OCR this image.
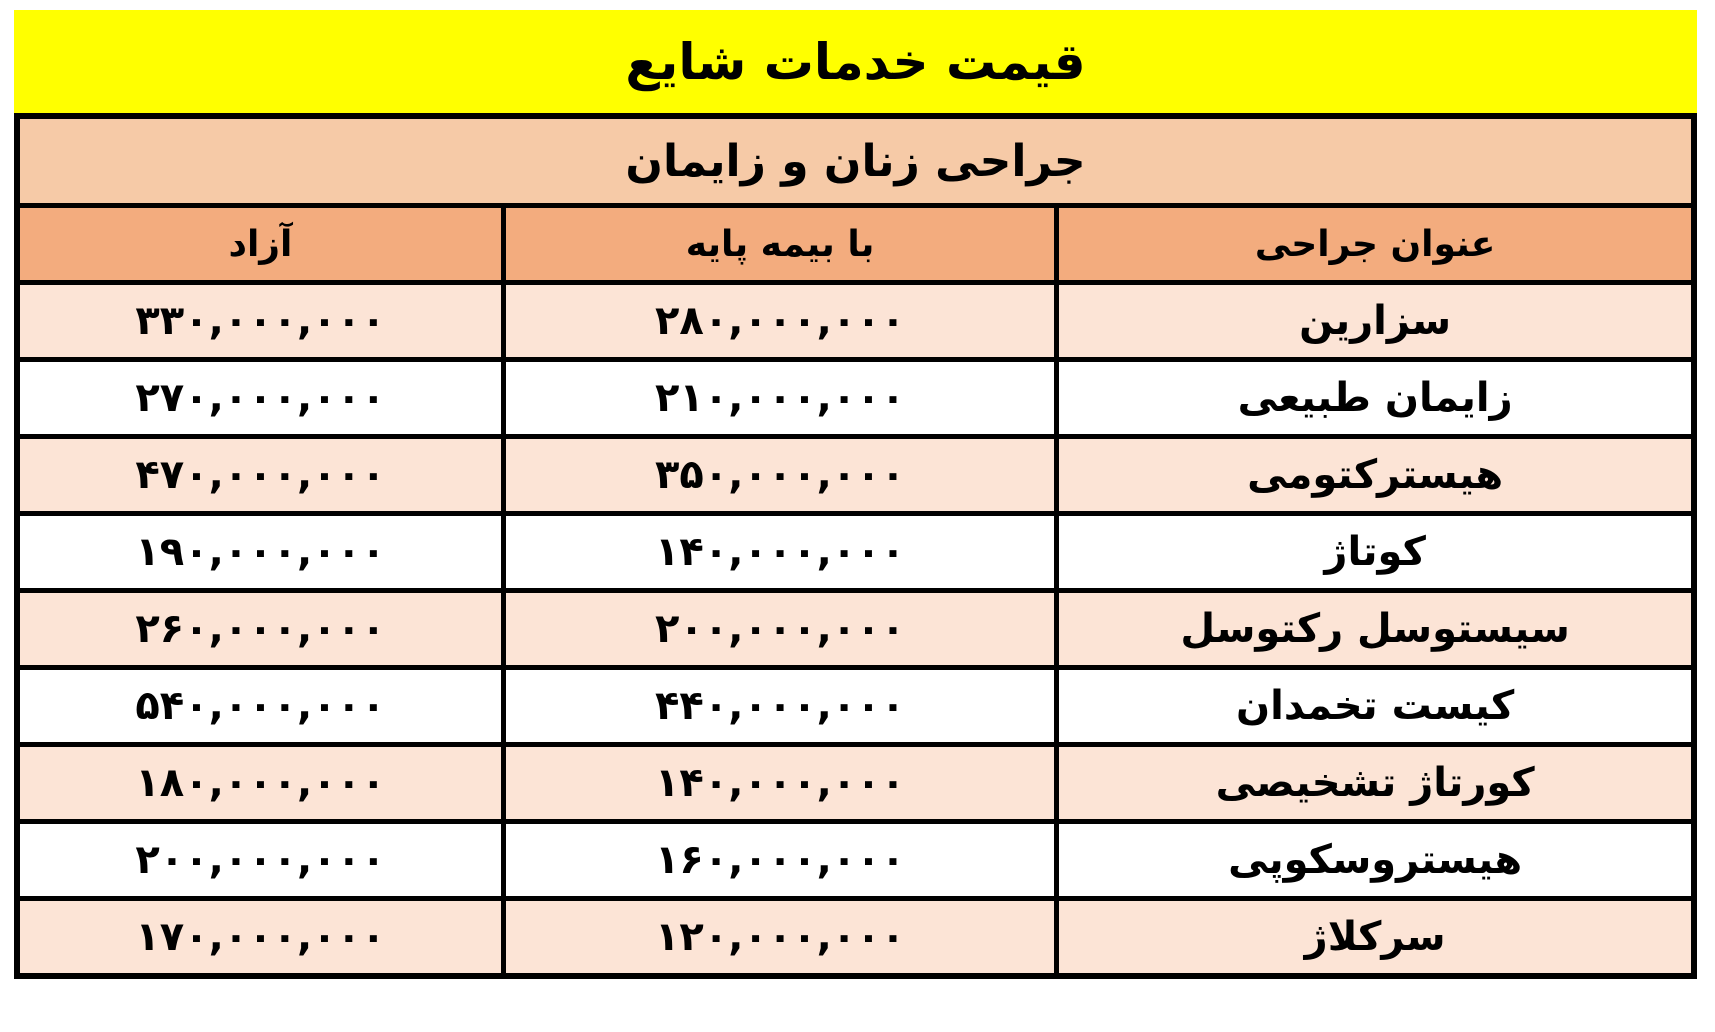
قیمت خدمات شایع
جراحی زنان و زایمان		
عنوان جراحی	با بیمه پایه	آزاد
سزارین	۲۸۰,۰۰۰,۰۰۰	۳۳۰,۰۰۰,۰۰۰
زایمان طبیعی	۲۱۰,۰۰۰,۰۰۰	۲۷۰,۰۰۰,۰۰۰
هیسترکتومی	۳۵۰,۰۰۰,۰۰۰	۴۷۰,۰۰۰,۰۰۰
کوتاژ	۱۴۰,۰۰۰,۰۰۰	۱۹۰,۰۰۰,۰۰۰
سیستوسل رکتوسل	۲۰۰,۰۰۰,۰۰۰	۲۶۰,۰۰۰,۰۰۰
کیست تخمدان	۴۴۰,۰۰۰,۰۰۰	۵۴۰,۰۰۰,۰۰۰
کورتاژ تشخیصی	۱۴۰,۰۰۰,۰۰۰	۱۸۰,۰۰۰,۰۰۰
هیستروسکوپی	۱۶۰,۰۰۰,۰۰۰	۲۰۰,۰۰۰,۰۰۰
سرکلاژ	۱۲۰,۰۰۰,۰۰۰	۱۷۰,۰۰۰,۰۰۰
